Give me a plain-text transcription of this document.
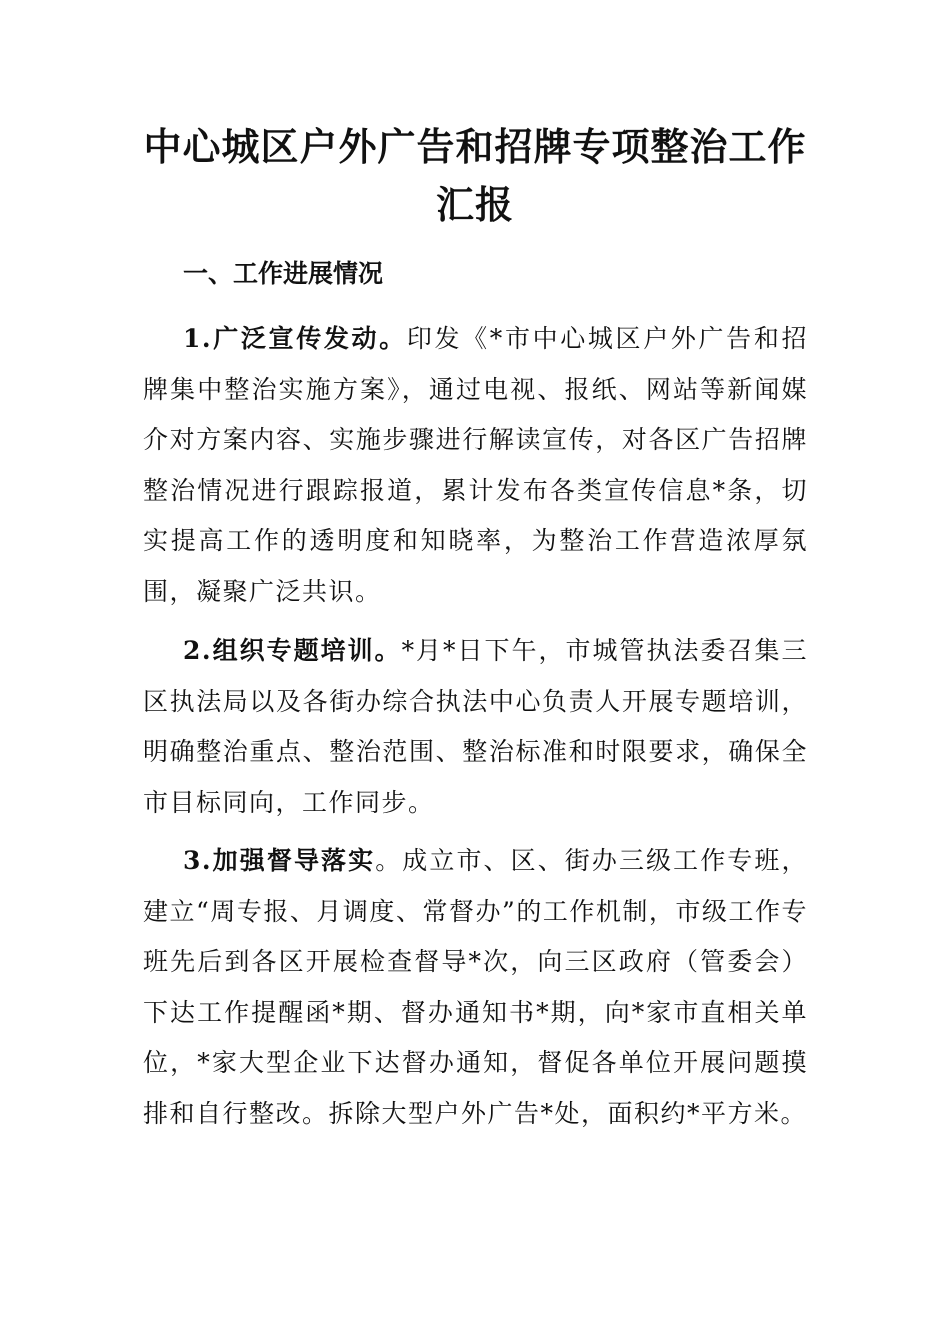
中心城区户外广告和招牌专项整治工作汇报
一、工作进展情况

1.广泛宣传发动。印发《*市中心城区户外广告和招牌集中整治实施方案》，通过电视、报纸、网站等新闻媒介对方案内容、实施步骤进行解读宣传，对各区广告招牌整治情况进行跟踪报道，累计发布各类宣传信息*条，切实提高工作的透明度和知晓率，为整治工作营造浓厚氛围，凝聚广泛共识。

2.组织专题培训。*月*日下午，市城管执法委召集三区执法局以及各街办综合执法中心负责人开展专题培训，明确整治重点、整治范围、整治标准和时限要求，确保全市目标同向，工作同步。

3.加强督导落实。成立市、区、街办三级工作专班，建立“周专报、月调度、常督办”的工作机制，市级工作专班先后到各区开展检查督导*次，向三区政府（管委会）下达工作提醒函*期、督办通知书*期，向*家市直相关单位，*家大型企业下达督办通知，督促各单位开展问题摸排和自行整改。拆除大型户外广告*处，面积约*平方米。
